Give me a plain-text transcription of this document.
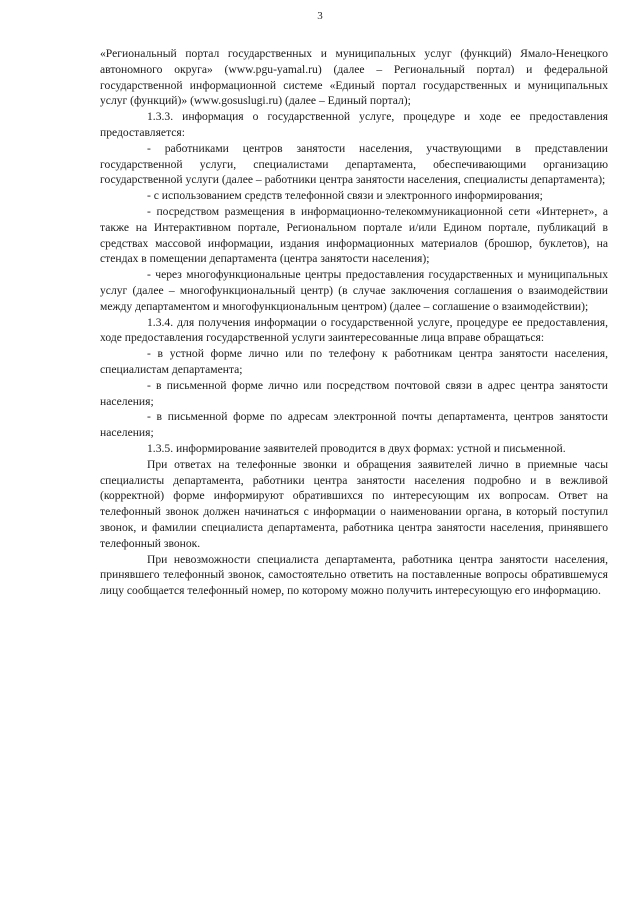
3

«Региональный портал государственных и муниципальных услуг (функций) Ямало-Ненецкого автономного округа» (www.pgu-yamal.ru) (далее – Региональный портал) и федеральной государственной информационной системе «Единый портал государственных и муниципальных услуг (функций)» (www.gosuslugi.ru) (далее – Единый портал);

1.3.3. информация о государственной услуге, процедуре и ходе ее предоставления предоставляется:

- работниками центров занятости населения, участвующими в представлении государственной услуги, специалистами департамента, обеспечивающими организацию государственной услуги (далее – работники центра занятости населения, специалисты департамента);

- с использованием средств телефонной связи и электронного информирования;

- посредством размещения в информационно-телекоммуникационной сети «Интернет», а также на Интерактивном портале, Региональном портале и/или Едином портале, публикаций в средствах массовой информации, издания информационных материалов (брошюр, буклетов), на стендах в помещении департамента (центра занятости населения);

- через многофункциональные центры предоставления государственных и муниципальных услуг (далее – многофункциональный центр) (в случае заключения соглашения о взаимодействии между департаментом и многофункциональным центром) (далее – соглашение о взаимодействии);

1.3.4. для получения информации о государственной услуге, процедуре ее предоставления, ходе предоставления государственной услуги заинтересованные лица вправе обращаться:

- в устной форме лично или по телефону к работникам центра занятости населения, специалистам департамента;

- в письменной форме лично или посредством почтовой связи в адрес центра занятости населения;

- в письменной форме по адресам электронной почты департамента, центров занятости населения;

1.3.5. информирование заявителей проводится в двух формах: устной и письменной.

При ответах на телефонные звонки и обращения заявителей лично в приемные часы специалисты департамента, работники центра занятости населения подробно и в вежливой (корректной) форме информируют обратившихся по интересующим их вопросам. Ответ на телефонный звонок должен начинаться с информации о наименовании органа, в который поступил звонок, и фамилии специалиста департамента, работника центра занятости населения, принявшего телефонный звонок.

При невозможности специалиста департамента, работника центра занятости населения, принявшего телефонный звонок, самостоятельно ответить на поставленные вопросы обратившемуся лицу сообщается телефонный номер, по которому можно получить интересующую его информацию.
